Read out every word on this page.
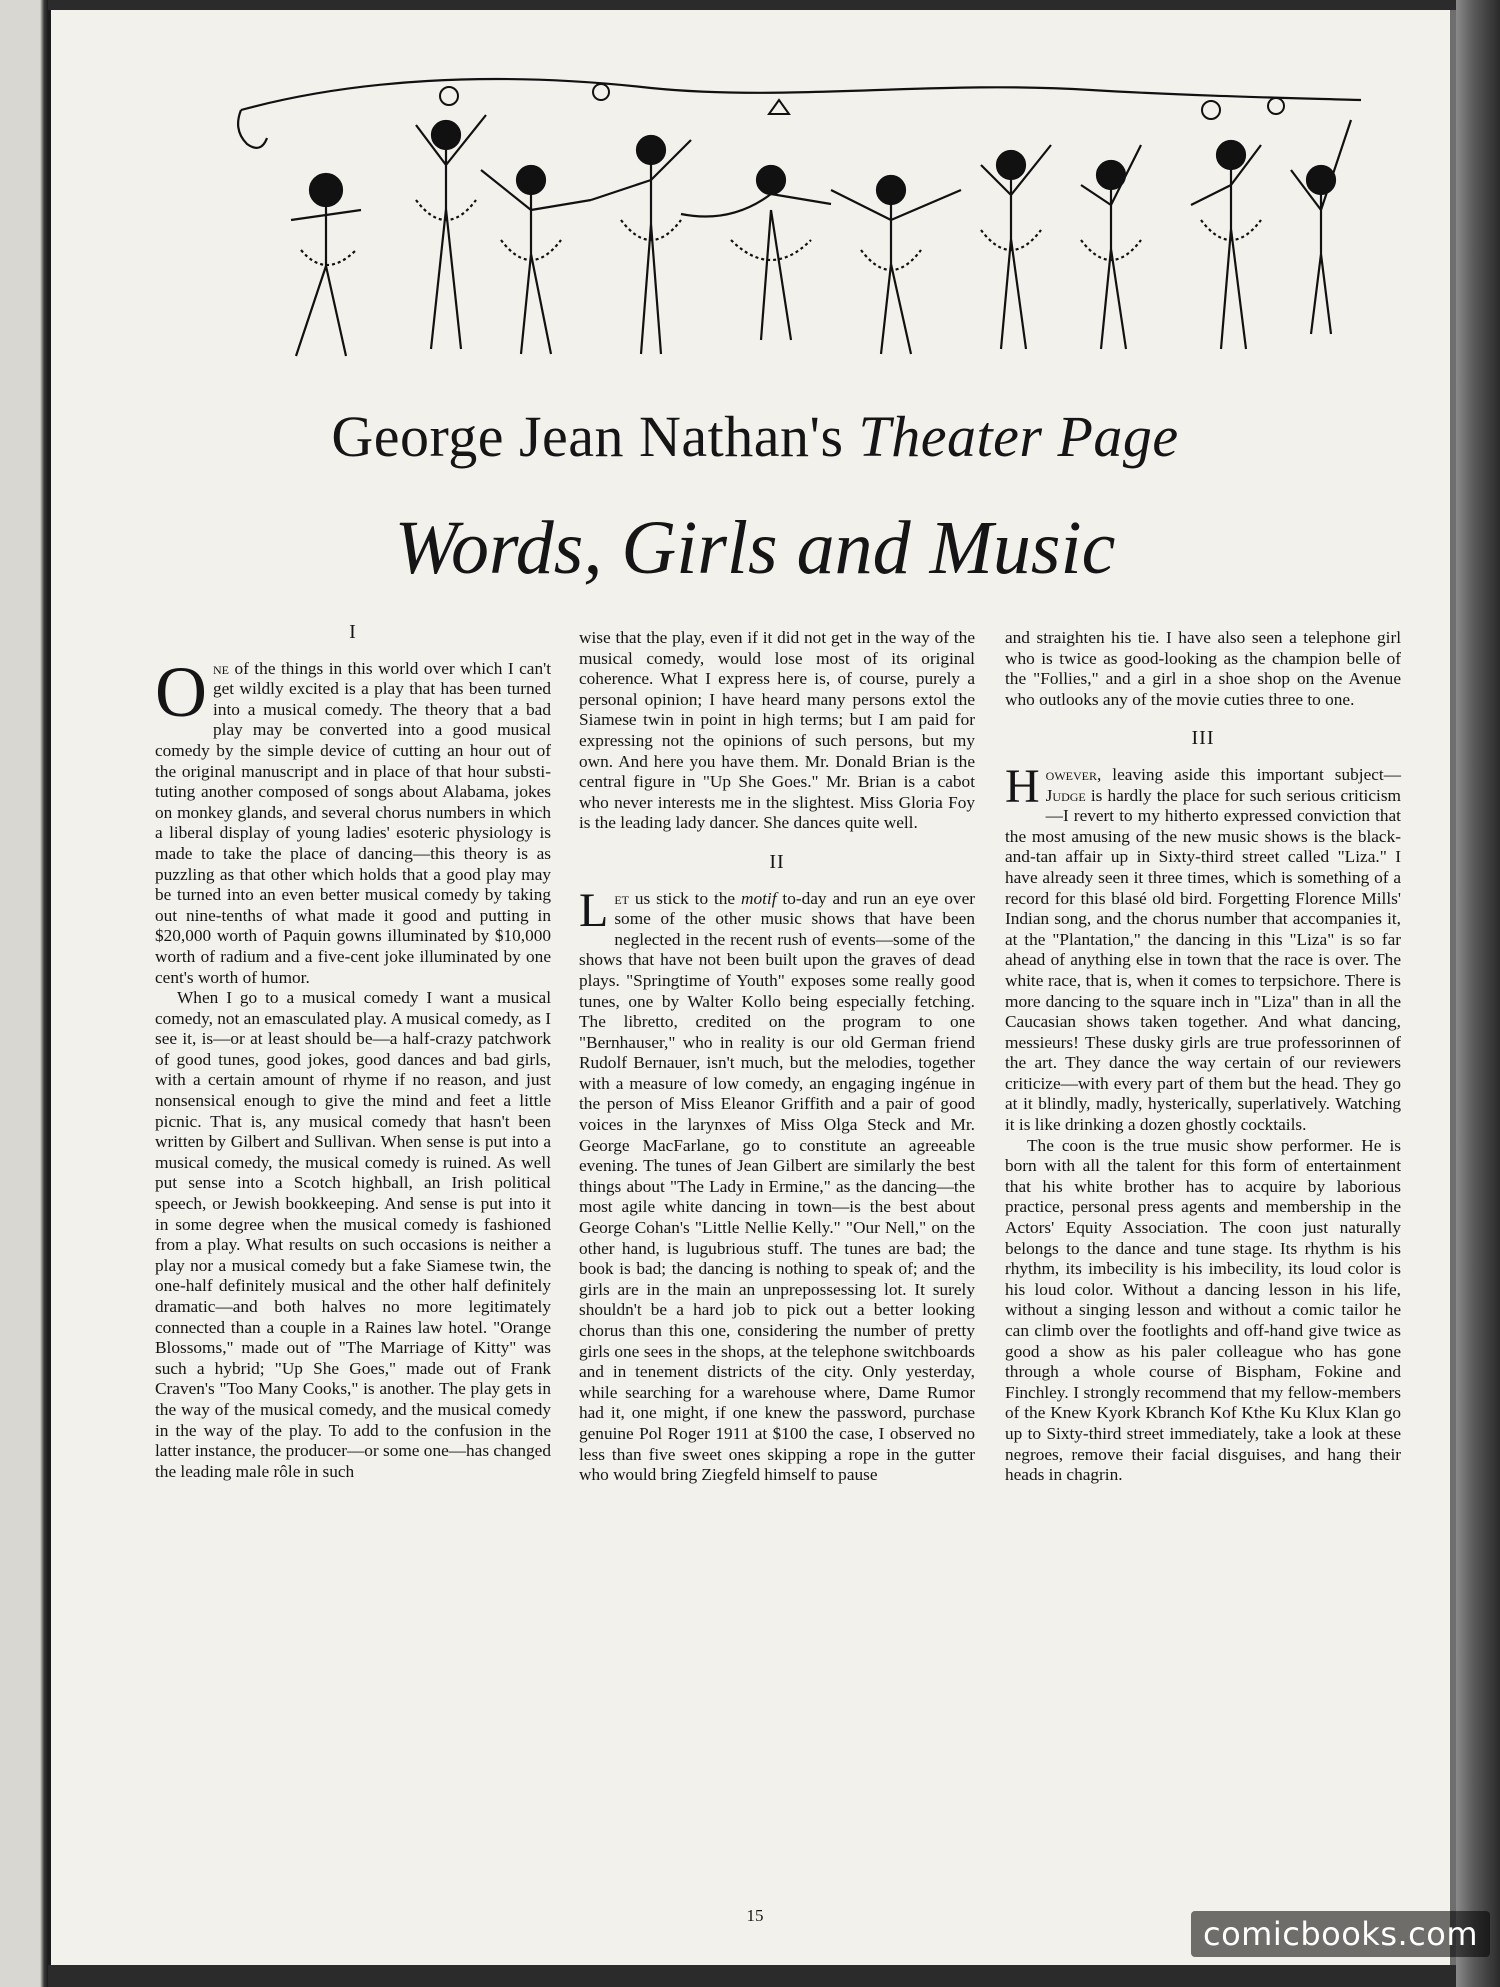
George Jean Nathan's Theater Page
Words, Girls and Music
I

One of the things in this world over which I can't get wildly excited is a play that has been turned into a musical comedy. The theory that a bad play may be converted into a good musical comedy by the simple device of cutting an hour out of the original manuscript and in place of that hour substituting another composed of songs about Alabama, jokes on monkey glands, and several chorus numbers in which a liberal display of young ladies' esoteric physiology is made to take the place of dancing—this theory is as puzzling as that other which holds that a good play may be turned into an even better musical comedy by taking out nine-tenths of what made it good and putting in $20,000 worth of Paquin gowns illuminated by $10,000 worth of radium and a five-cent joke illuminated by one cent's worth of humor.

When I go to a musical comedy I want a musical comedy, not an emasculated play. A musical comedy, as I see it, is—or at least should be—a half-crazy patchwork of good tunes, good jokes, good dances and bad girls, with a certain amount of rhyme if no reason, and just nonsensical enough to give the mind and feet a little picnic. That is, any musical comedy that hasn't been written by Gilbert and Sullivan. When sense is put into a musical comedy, the musical comedy is ruined. As well put sense into a Scotch highball, an Irish political speech, or Jewish bookkeeping. And sense is put into it in some degree when the musical comedy is fashioned from a play. What results on such occasions is neither a play nor a musical comedy but a fake Siamese twin, the one-half definitely musical and the other half definitely dramatic—and both halves no more legitimately connected than a couple in a Raines law hotel. "Orange Blossoms," made out of "The Marriage of Kitty" was such a hybrid; "Up She Goes," made out of Frank Craven's "Too Many Cooks," is another. The play gets in the way of the musical comedy, and the musical comedy in the way of the play. To add to the confusion in the latter instance, the producer—or some one—has changed the leading male rôle in such

wise that the play, even if it did not get in the way of the musical comedy, would lose most of its original coherence. What I express here is, of course, purely a personal opinion; I have heard many persons extol the Siamese twin in point in high terms; but I am paid for expressing not the opinions of such persons, but my own. And here you have them. Mr. Donald Brian is the central figure in "Up She Goes." Mr. Brian is a cabot who never interests me in the slightest. Miss Gloria Foy is the leading lady dancer. She dances quite well.

II

Let us stick to the motif to-day and run an eye over some of the other music shows that have been neglected in the recent rush of events—some of the shows that have not been built upon the graves of dead plays. "Springtime of Youth" exposes some really good tunes, one by Walter Kollo being especially fetching. The libretto, credited on the program to one "Bernhauser," who in reality is our old German friend Rudolf Bernauer, isn't much, but the melodies, together with a measure of low comedy, an engaging ingénue in the person of Miss Eleanor Griffith and a pair of good voices in the larynxes of Miss Olga Steck and Mr. George MacFarlane, go to constitute an agreeable evening. The tunes of Jean Gilbert are similarly the best things about "The Lady in Ermine," as the dancing—the most agile white dancing in town—is the best about George Cohan's "Little Nellie Kelly." "Our Nell," on the other hand, is lugubrious stuff. The tunes are bad; the book is bad; the dancing is nothing to speak of; and the girls are in the main an unprepossessing lot. It surely shouldn't be a hard job to pick out a better looking chorus than this one, considering the number of pretty girls one sees in the shops, at the telephone switchboards and in tenement districts of the city. Only yesterday, while searching for a warehouse where, Dame Rumor had it, one might, if one knew the password, purchase genuine Pol Roger 1911 at $100 the case, I observed no less than five sweet ones skipping a rope in the gutter who would bring Ziegfeld himself to pause

and straighten his tie. I have also seen a telephone girl who is twice as good-looking as the champion belle of the "Follies," and a girl in a shoe shop on the Avenue who outlooks any of the movie cuties three to one.

III

However, leaving aside this important subject—Judge is hardly the place for such serious criticism—I revert to my hitherto expressed conviction that the most amusing of the new music shows is the black-and-tan affair up in Sixty-third street called "Liza." I have already seen it three times, which is something of a record for this blasé old bird. Forgetting Florence Mills' Indian song, and the chorus number that accompanies it, at the "Plantation," the dancing in this "Liza" is so far ahead of anything else in town that the race is over. The white race, that is, when it comes to terpsichore. There is more dancing to the square inch in "Liza" than in all the Caucasian shows taken together. And what dancing, messieurs! These dusky girls are true professorinnen of the art. They dance the way certain of our reviewers criticize—with every part of them but the head. They go at it blindly, madly, hysterically, superlatively. Watching it is like drinking a dozen ghostly cocktails.

The coon is the true music show performer. He is born with all the talent for this form of entertainment that his white brother has to acquire by laborious practice, personal press agents and membership in the Actors' Equity Association. The coon just naturally belongs to the dance and tune stage. Its rhythm is his rhythm, its imbecility is his imbecility, its loud color is his loud color. Without a dancing lesson in his life, without a singing lesson and without a comic tailor he can climb over the footlights and off-hand give twice as good a show as his paler colleague who has gone through a whole course of Bispham, Fokine and Finchley. I strongly recommend that my fellow-members of the Knew Kyork Kbranch Kof Kthe Ku Klux Klan go up to Sixty-third street immediately, take a look at these negroes, remove their facial disguises, and hang their heads in chagrin.

15	comicbooks.com
